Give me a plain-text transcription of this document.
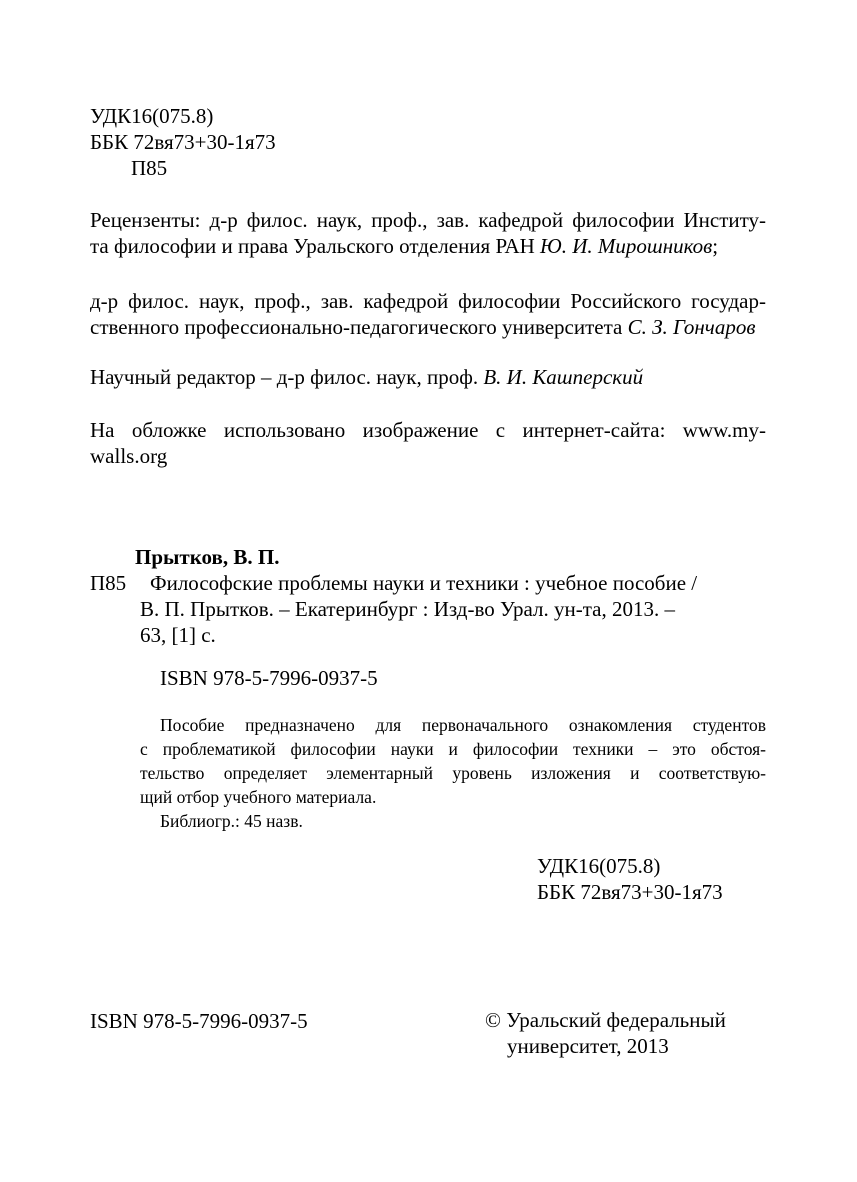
УДК16(075.8)
ББК 72вя73+30-1я73
П85
Рецензенты: д-р филос. наук, проф., зав. кафедрой философии Институ-
та философии и права Уральского отделения РАН Ю. И. Мирошников;
д-р филос. наук, проф., зав. кафедрой философии Российского государ-
ственного профессионально-педагогического университета С. З. Гончаров
Научный редактор – д-р филос. наук, проф. В. И. Кашперский
На обложке использовано изображение с интернет-сайта: www.my-
walls.org
Прытков, В. П.
П85 Философские проблемы науки и техники : учебное пособие /
В. П. Прытков. – Екатеринбург : Изд-во Урал. ун-та, 2013. –
63, [1] с.
ISBN 978-5-7996-0937-5
Пособие предназначено для первоначального ознакомления студентов
с проблематикой философии науки и философии техники – это обстоя-
тельство определяет элементарный уровень изложения и соответствую-
щий отбор учебного материала.
Библиогр.: 45 назв.
УДК16(075.8)
ББК 72вя73+30-1я73
ISBN 978-5-7996-0937-5	© Уральский федеральный
университет, 2013
